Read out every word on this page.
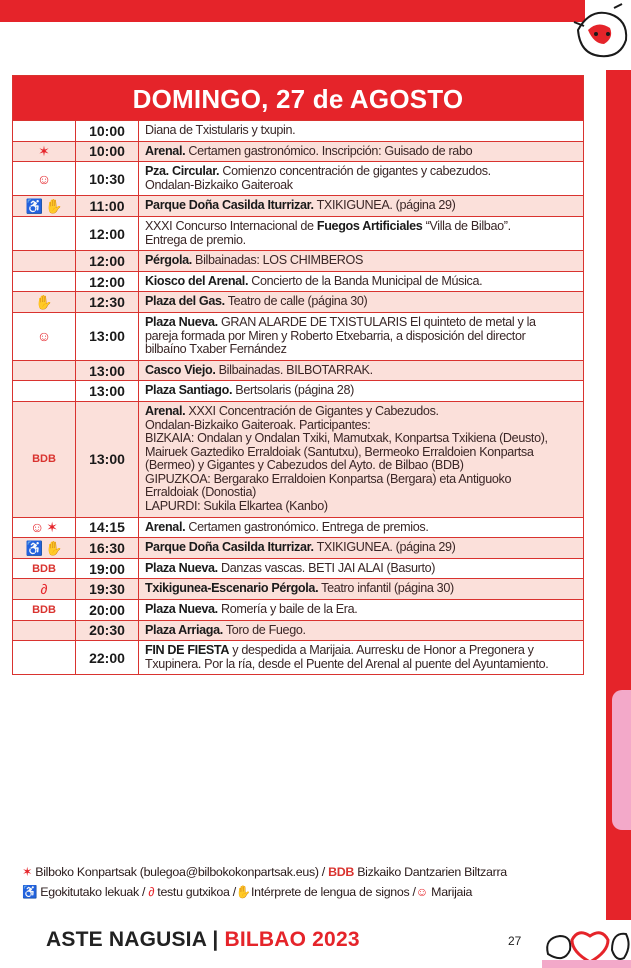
DOMINGO, 27 de AGOSTO
10:00	Diana de Txistularis y txupin.
✶	10:00	Arenal. Certamen gastronómico. Inscripción: Guisado de rabo
☺	10:30	Pza. Circular. Comienzo concentración de gigantes y cabezudos.
Ondalan-Bizkaiko Gaiteroak
♿ ✋	11:00	Parque Doña Casilda Iturrizar. TXIKIGUNEA. (página 29)
12:00	XXXI Concurso Internacional de Fuegos Artificiales “Villa de Bilbao”.
Entrega de premio.
12:00	Pérgola. Bilbainadas: LOS CHIMBEROS
12:00	Kiosco del Arenal. Concierto de la Banda Municipal de Música.
✋	12:30	Plaza del Gas. Teatro de calle (página 30)
☺	13:00
Plaza Nueva. GRAN ALARDE DE TXISTULARIS El quinteto de metal y la
pareja formada por Miren y Roberto Etxebarria, a disposición del director
bilbaíno Txaber Fernández
13:00	Casco Viejo. Bilbainadas. BILBOTARRAK.
13:00	Plaza Santiago. Bertsolaris (página 28)
BDB	13:00
Arenal. XXXI Concentración de Gigantes y Cabezudos.
Ondalan-Bizkaiko Gaiteroak. Participantes:
BIZKAIA: Ondalan y Ondalan Txiki, Mamutxak, Konpartsa Txikiena (Deusto),
Mairuek Gaztediko Erraldoiak (Santutxu), Bermeoko Erraldoien Konpartsa
(Bermeo) y Gigantes y Cabezudos del Ayto. de Bilbao (BDB)
GIPUZKOA: Bergarako Erraldoien Konpartsa (Bergara) eta Antiguoko
Erraldoiak (Donostia)
LAPURDI: Sukila Elkartea (Kanbo)
☺ ✶	14:15	Arenal. Certamen gastronómico. Entrega de premios.
♿ ✋	16:30	Parque Doña Casilda Iturrizar. TXIKIGUNEA. (página 29)
BDB	19:00	Plaza Nueva. Danzas vascas. BETI JAI ALAI (Basurto)
∂	19:30	Txikigunea-Escenario Pérgola. Teatro infantil (página 30)
BDB	20:00	Plaza Nueva. Romería y baile de la Era.
20:30	Plaza Arriaga. Toro de Fuego.
22:00	FIN DE FIESTA y despedida a Marijaia. Aurresku de Honor a Pregonera y
Txupinera. Por la ría, desde el Puente del Arenal al puente del Ayuntamiento.
✶ Bilboko Konpartsak (bulegoa@bilbokokonpartsak.eus) / BDB Bizkaiko Dantzarien Biltzarra
♿ Egokitutako lekuak / ∂ testu gutxikoa /✋Intérprete de lengua de signos /☺ Marijaia
ASTE NAGUSIA | BILBAO 2023	27
